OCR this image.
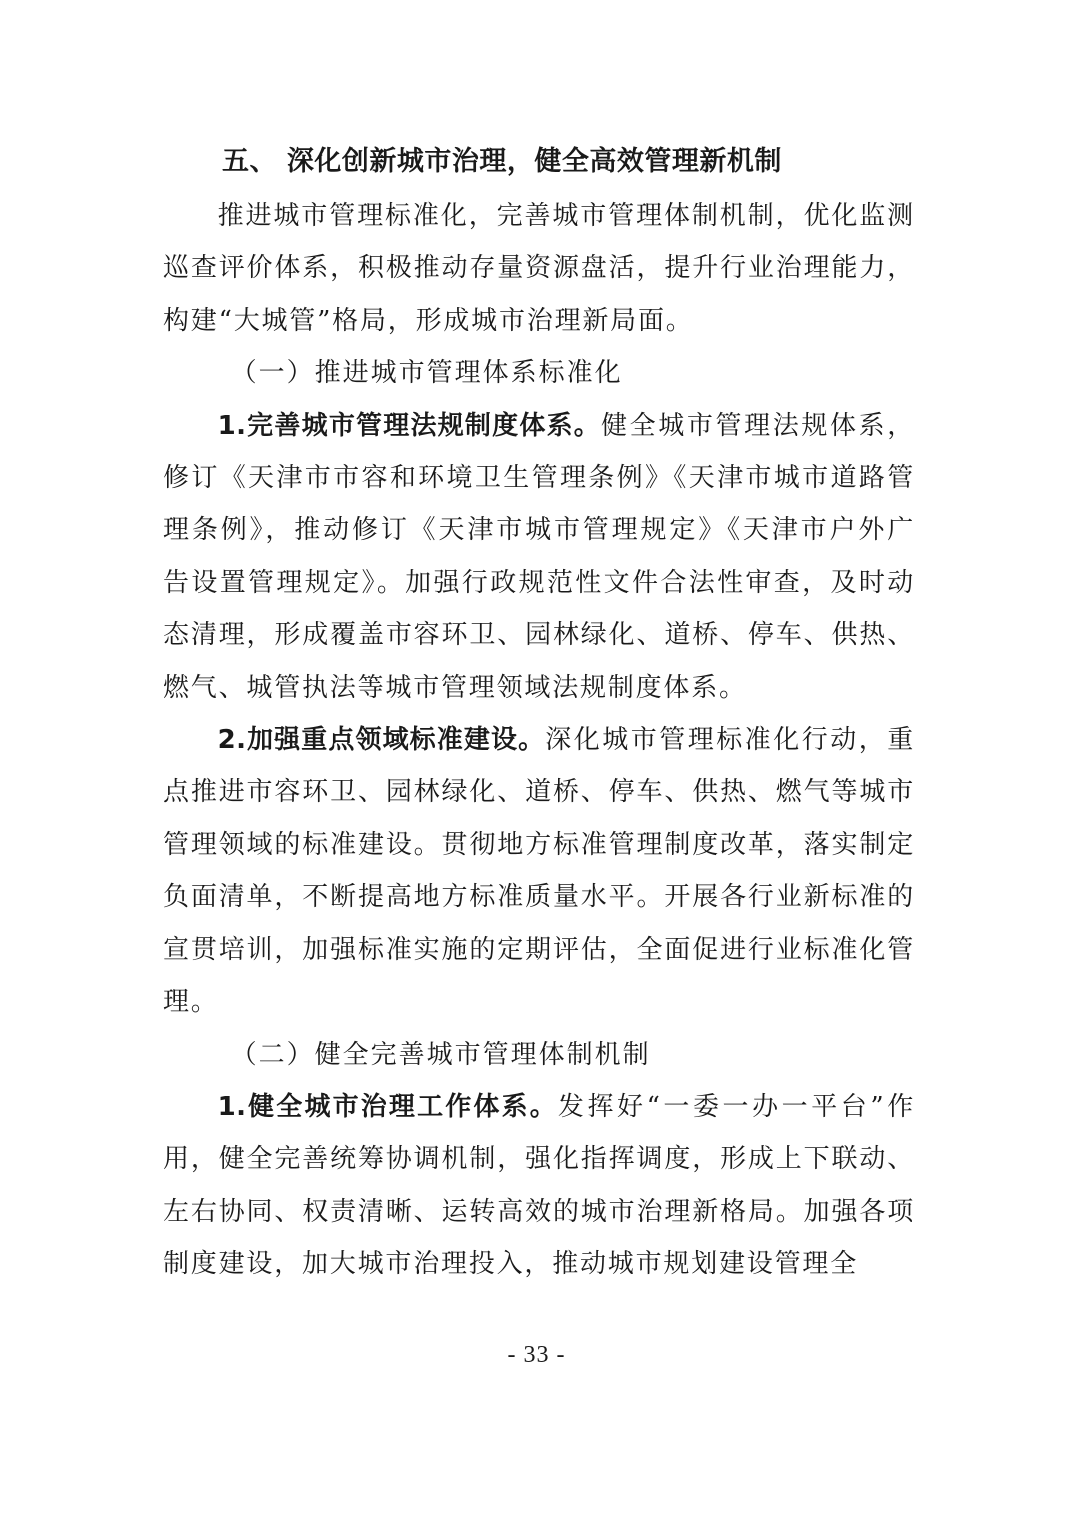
五、 深化创新城市治理，健全高效管理新机制

推进城市管理标准化，完善城市管理体制机制，优化监测巡查评价体系，积极推动存量资源盘活，提升行业治理能力，构建“大城管”格局，形成城市治理新局面。

（一）推进城市管理体系标准化

1.完善城市管理法规制度体系。健全城市管理法规体系，修订《天津市市容和环境卫生管理条例》《天津市城市道路管理条例》，推动修订《天津市城市管理规定》《天津市户外广告设置管理规定》。加强行政规范性文件合法性审查，及时动态清理，形成覆盖市容环卫、园林绿化、道桥、停车、供热、燃气、城管执法等城市管理领域法规制度体系。

2.加强重点领域标准建设。深化城市管理标准化行动，重点推进市容环卫、园林绿化、道桥、停车、供热、燃气等城市管理领域的标准建设。贯彻地方标准管理制度改革，落实制定负面清单，不断提高地方标准质量水平。开展各行业新标准的宣贯培训，加强标准实施的定期评估，全面促进行业标准化管理。

（二）健全完善城市管理体制机制

1.健全城市治理工作体系。发挥好“一委一办一平台”作用，健全完善统筹协调机制，强化指挥调度，形成上下联动、左右协同、权责清晰、运转高效的城市治理新格局。加强各项制度建设，加大城市治理投入，推动城市规划建设管理全

- 33 -
